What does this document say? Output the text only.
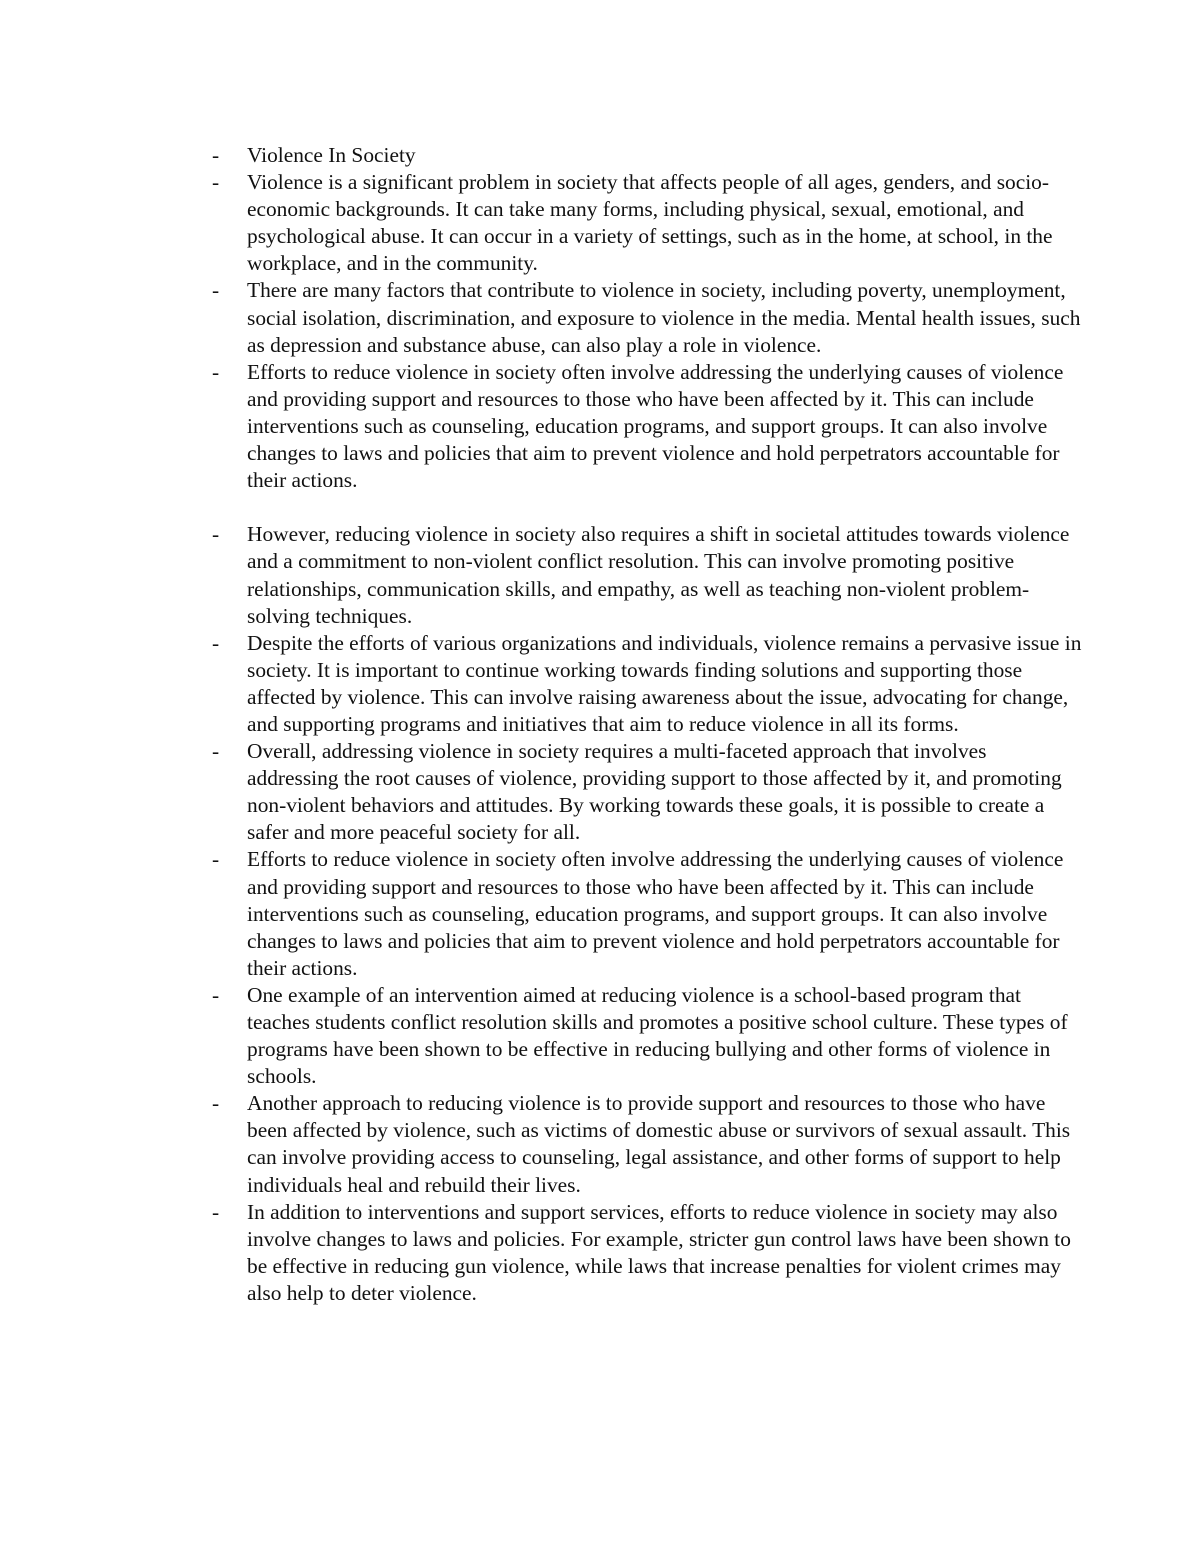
-	Violence In Society
-	Violence is a significant problem in society that affects people of all ages, genders, and socio-economic backgrounds. It can take many forms, including physical, sexual, emotional, and psychological abuse. It can occur in a variety of settings, such as in the home, at school, in the workplace, and in the community.
-	There are many factors that contribute to violence in society, including poverty, unemployment, social isolation, discrimination, and exposure to violence in the media. Mental health issues, such as depression and substance abuse, can also play a role in violence.
-	Efforts to reduce violence in society often involve addressing the underlying causes of violence and providing support and resources to those who have been affected by it. This can include interventions such as counseling, education programs, and support groups. It can also involve changes to laws and policies that aim to prevent violence and hold perpetrators accountable for their actions.
-	However, reducing violence in society also requires a shift in societal attitudes towards violence and a commitment to non-violent conflict resolution. This can involve promoting positive relationships, communication skills, and empathy, as well as teaching non-violent problem-solving techniques.
-	Despite the efforts of various organizations and individuals, violence remains a pervasive issue in society. It is important to continue working towards finding solutions and supporting those affected by violence. This can involve raising awareness about the issue, advocating for change, and supporting programs and initiatives that aim to reduce violence in all its forms.
-	Overall, addressing violence in society requires a multi-faceted approach that involves addressing the root causes of violence, providing support to those affected by it, and promoting non-violent behaviors and attitudes. By working towards these goals, it is possible to create a safer and more peaceful society for all.
-	Efforts to reduce violence in society often involve addressing the underlying causes of violence and providing support and resources to those who have been affected by it. This can include interventions such as counseling, education programs, and support groups. It can also involve changes to laws and policies that aim to prevent violence and hold perpetrators accountable for their actions.
-	One example of an intervention aimed at reducing violence is a school-based program that teaches students conflict resolution skills and promotes a positive school culture. These types of programs have been shown to be effective in reducing bullying and other forms of violence in schools.
-	Another approach to reducing violence is to provide support and resources to those who have been affected by violence, such as victims of domestic abuse or survivors of sexual assault. This can involve providing access to counseling, legal assistance, and other forms of support to help individuals heal and rebuild their lives.
-	In addition to interventions and support services, efforts to reduce violence in society may also involve changes to laws and policies. For example, stricter gun control laws have been shown to be effective in reducing gun violence, while laws that increase penalties for violent crimes may also help to deter violence.
